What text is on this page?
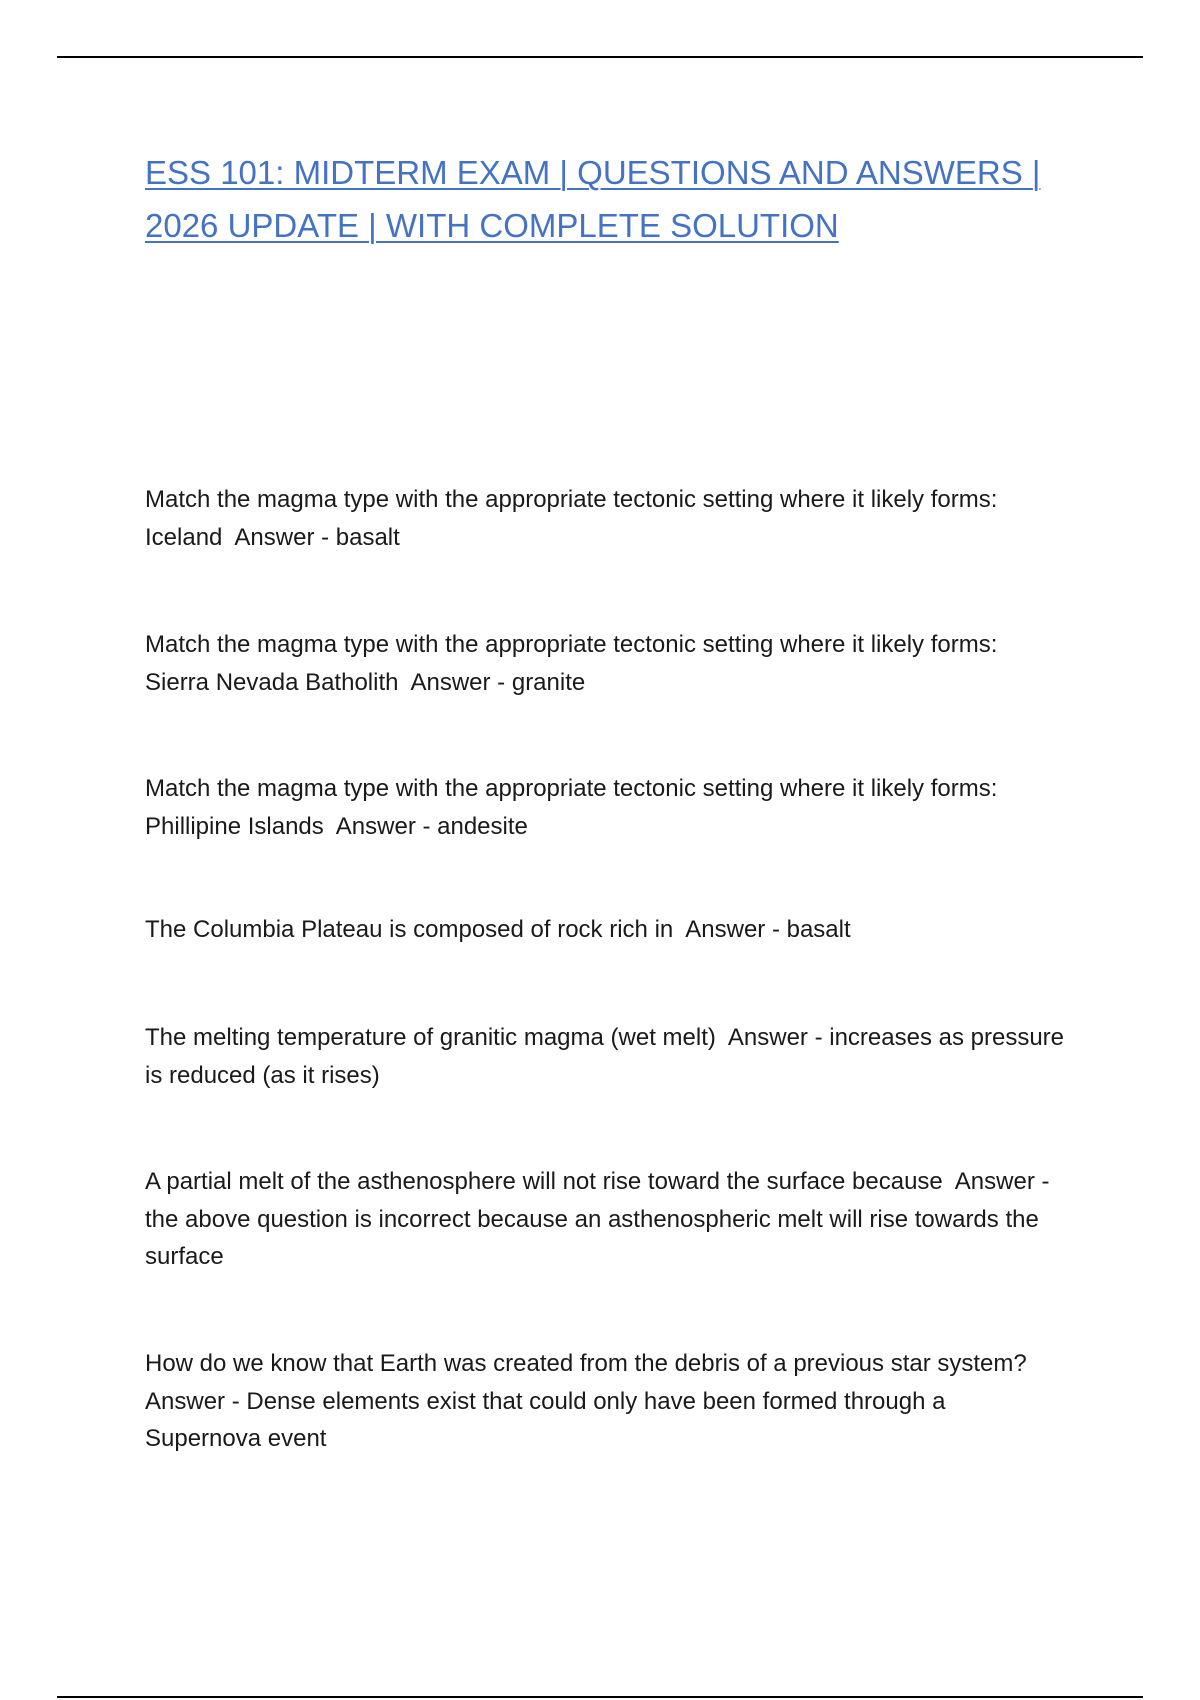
ESS 101: MIDTERM EXAM | QUESTIONS AND ANSWERS | 2026 UPDATE | WITH COMPLETE SOLUTION

Match the magma type with the appropriate tectonic setting where it likely forms: Iceland  Answer - basalt

Match the magma type with the appropriate tectonic setting where it likely forms: Sierra Nevada Batholith  Answer - granite

Match the magma type with the appropriate tectonic setting where it likely forms: Phillipine Islands  Answer - andesite

The Columbia Plateau is composed of rock rich in  Answer - basalt

The melting temperature of granitic magma (wet melt)  Answer - increases as pressure is reduced (as it rises)

A partial melt of the asthenosphere will not rise toward the surface because  Answer - the above question is incorrect because an asthenospheric melt will rise towards the surface

How do we know that Earth was created from the debris of a previous star system?  Answer - Dense elements exist that could only have been formed through a Supernova event
